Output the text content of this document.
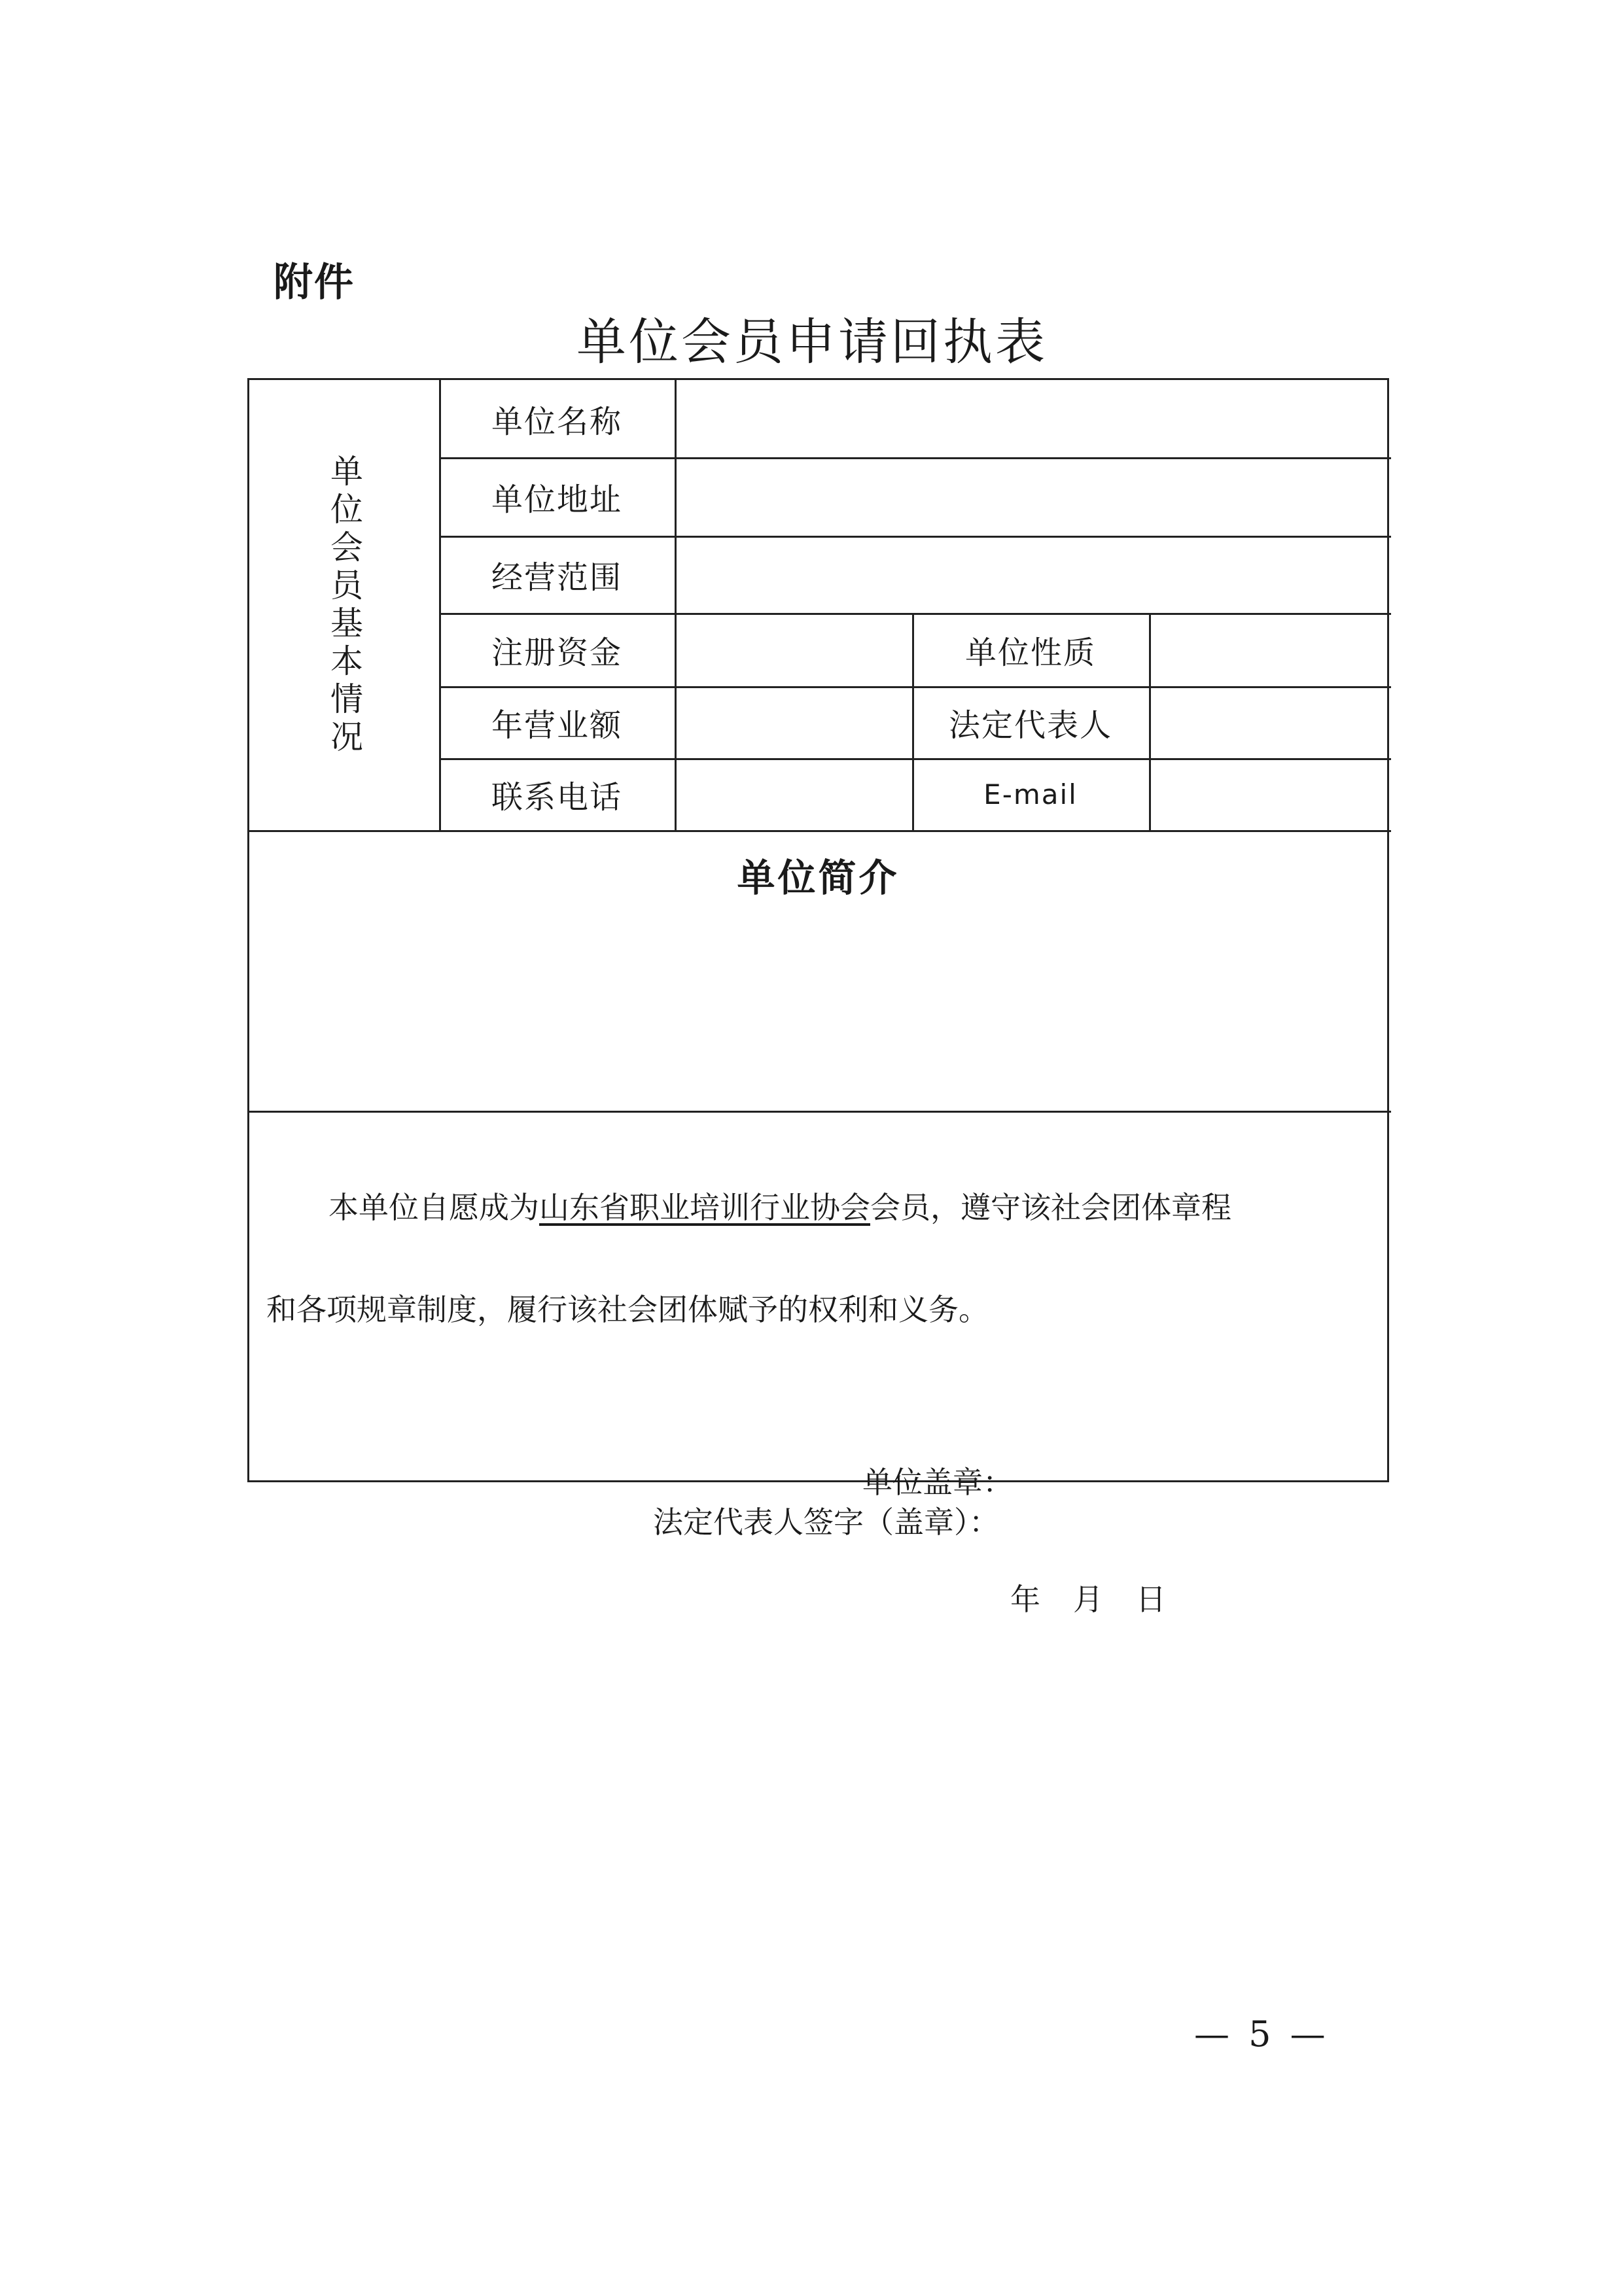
附件
单位会员申请回执表
单位会员基本情况
单位名称
单位地址
经营范围
注册资金	单位性质
年营业额	法定代表人
联系电话	E-mail
单位简介
本单位自愿成为山东省职业培训行业协会会员，遵守该社会团体章程
和各项规章制度，履行该社会团体赋予的权利和义务。
单位盖章：
法定代表人签字（盖章）：
年 月 日
— 5 —
